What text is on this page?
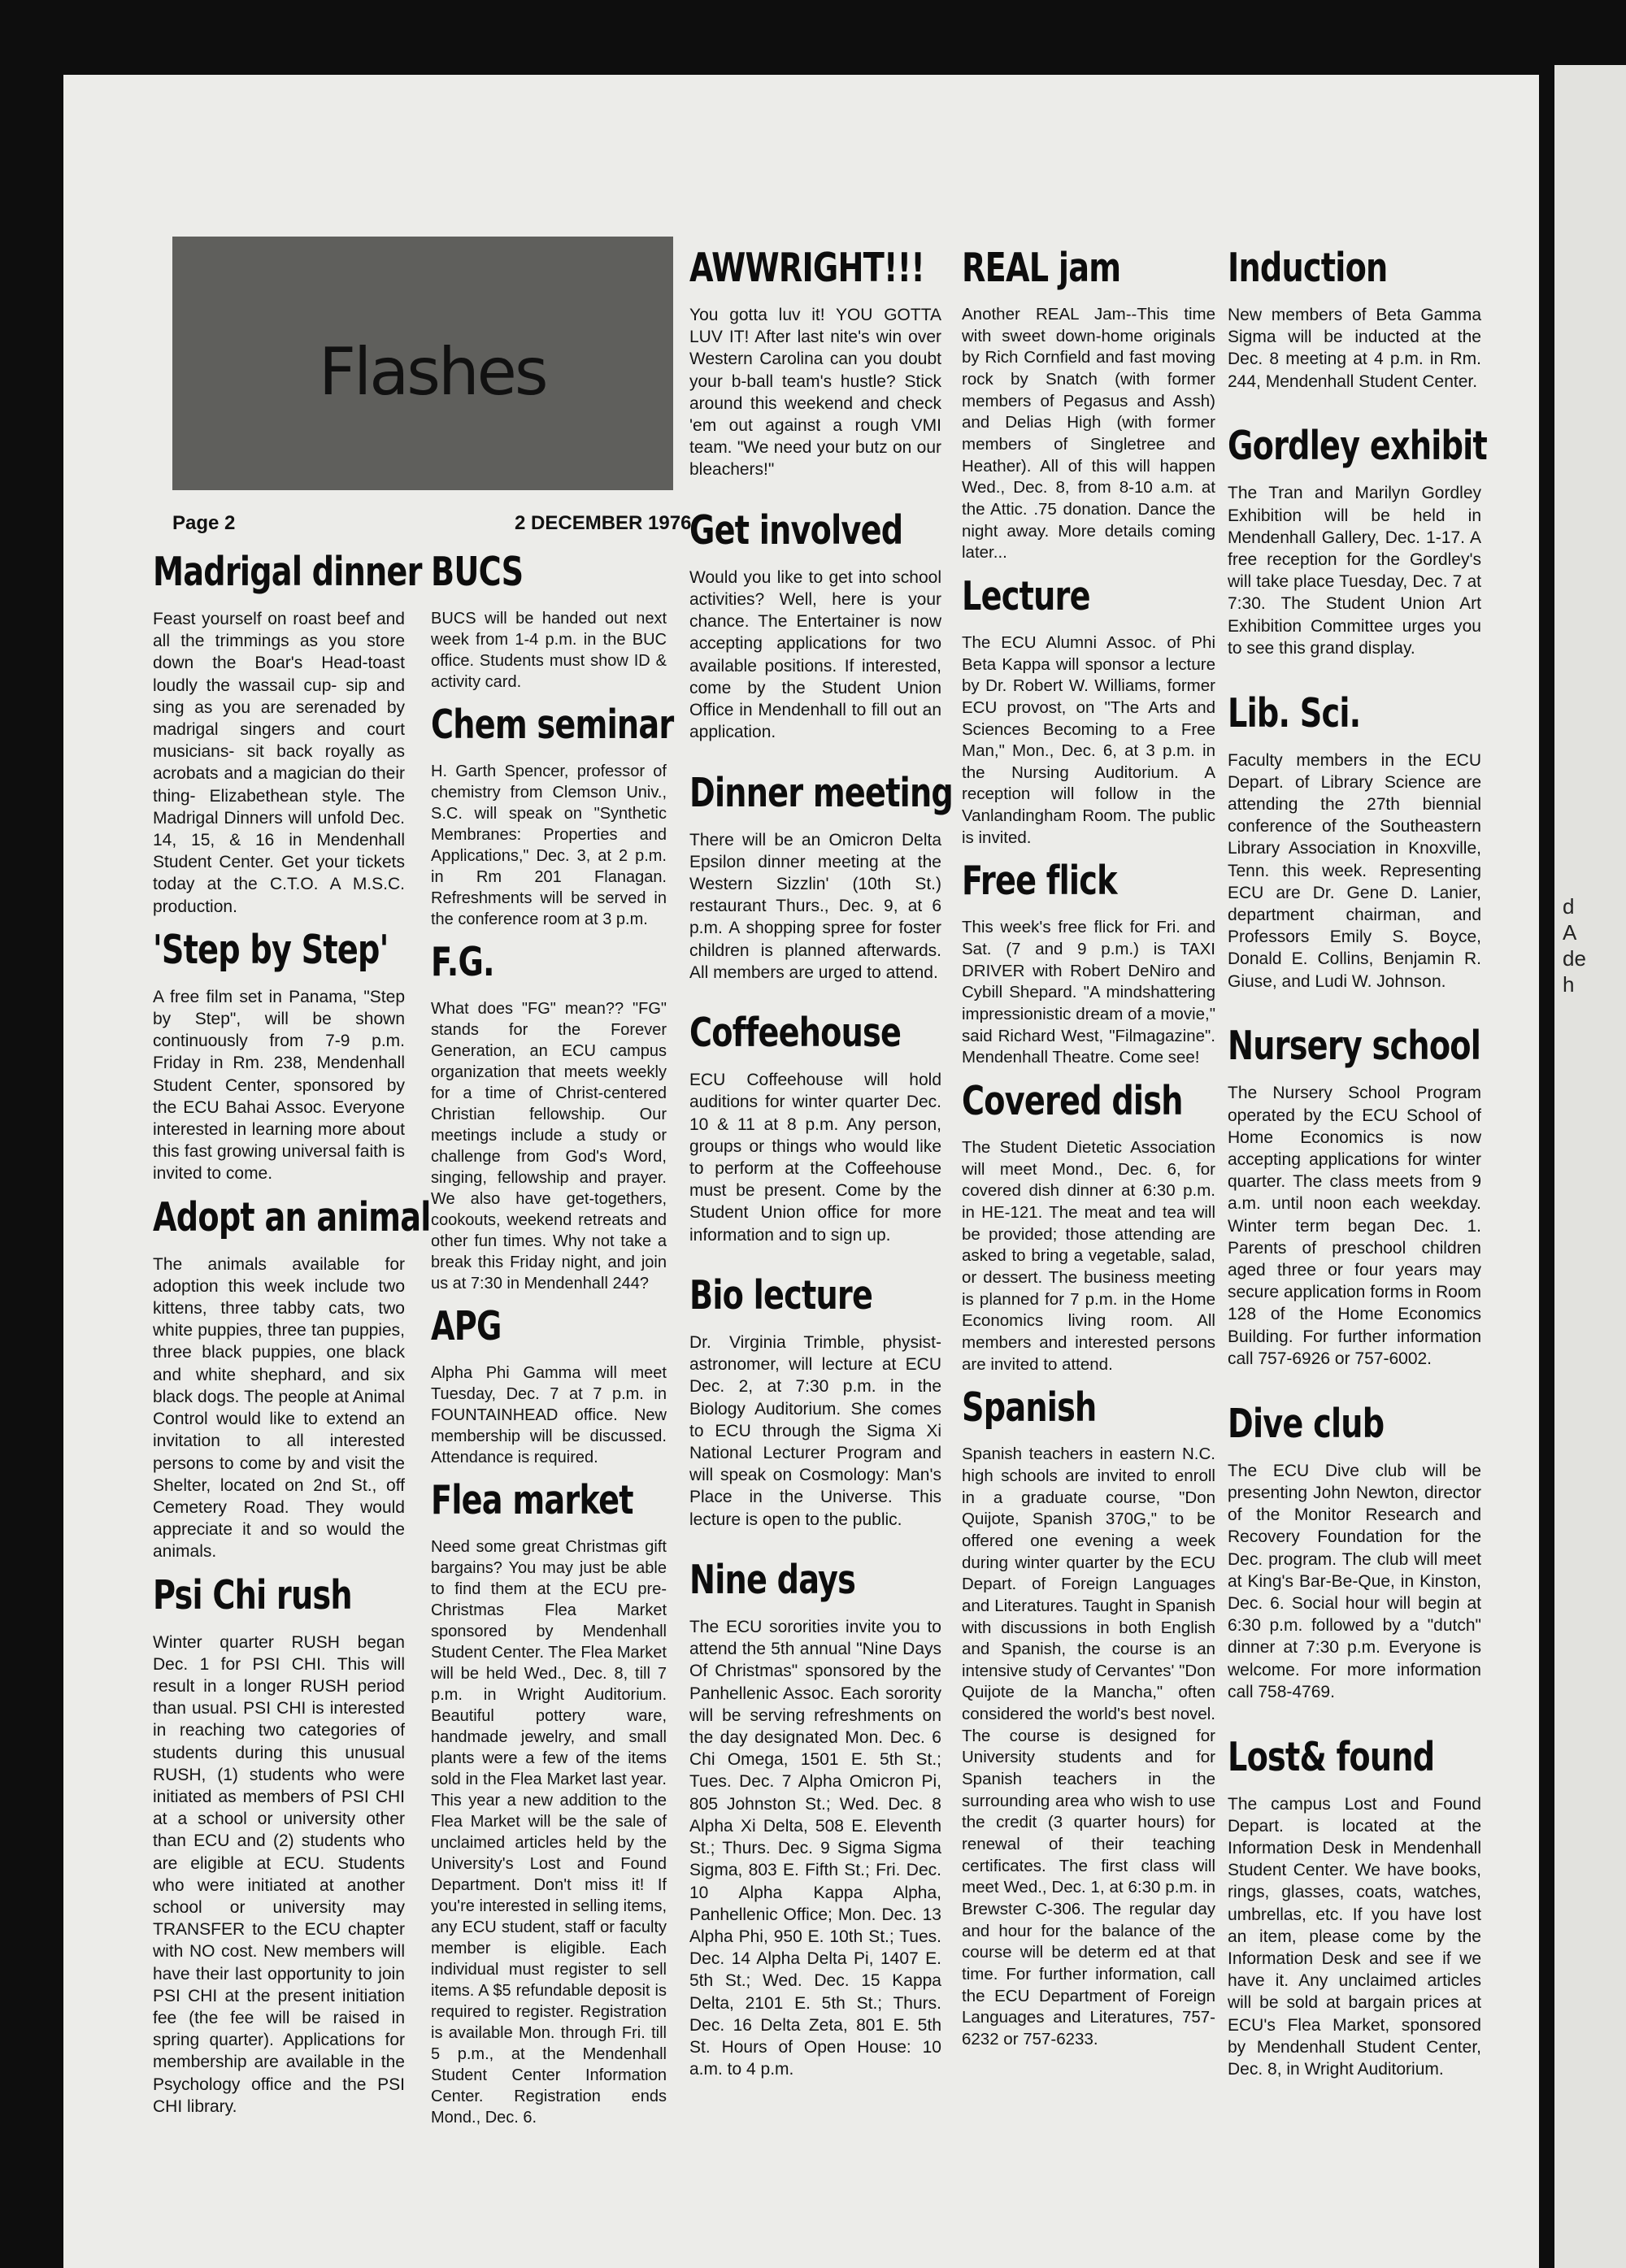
d
A
de
h
Flashes
Page 2	2 DECEMBER 1976
Madrigal dinner

Feast yourself on roast beef and all the trimmings as you store down the Boar's Head-toast loudly the wassail cup- sip and sing as you are serenaded by madrigal singers and court musicians- sit back royally as acrobats and a magician do their thing- Elizabethean style. The Madrigal Dinners will unfold Dec. 14, 15, & 16 in Mendenhall Student Center. Get your tickets today at the C.T.O. A M.S.C. production.

'Step by Step'

A free film set in Panama, "Step by Step", will be shown continuously from 7-9 p.m. Friday in Rm. 238, Mendenhall Student Center, sponsored by the ECU Bahai Assoc. Everyone interested in learning more about this fast growing universal faith is invited to come.

Adopt an animal

The animals available for adoption this week include two kittens, three tabby cats, two white puppies, three tan puppies, three black puppies, one black and white shephard, and six black dogs. The people at Animal Control would like to extend an invitation to all interested persons to come by and visit the Shelter, located on 2nd St., off Cemetery Road. They would appreciate it and so would the animals.

Psi Chi rush

Winter quarter RUSH began Dec. 1 for PSI CHI. This will result in a longer RUSH period than usual. PSI CHI is interested in reaching two categories of students during this unusual RUSH, (1) students who were initiated as members of PSI CHI at a school or university other than ECU and (2) students who are eligible at ECU. Students who were initiated at another school or university may TRANSFER to the ECU chapter with NO cost. New members will have their last opportunity to join PSI CHI at the present initiation fee (the fee will be raised in spring quarter). Applications for membership are available in the Psychology office and the PSI CHI library.

BUCS

BUCS will be handed out next week from 1-4 p.m. in the BUC office. Students must show ID & activity card.

Chem seminar

H. Garth Spencer, professor of chemistry from Clemson Univ., S.C. will speak on "Synthetic Membranes: Properties and Applications," Dec. 3, at 2 p.m. in Rm 201 Flanagan. Refreshments will be served in the conference room at 3 p.m.

F.G.

What does "FG" mean?? "FG" stands for the Forever Generation, an ECU campus organization that meets weekly for a time of Christ-centered Christian fellowship. Our meetings include a study or challenge from God's Word, singing, fellowship and prayer. We also have get-togethers, cookouts, weekend retreats and other fun times. Why not take a break this Friday night, and join us at 7:30 in Mendenhall 244?

APG

Alpha Phi Gamma will meet Tuesday, Dec. 7 at 7 p.m. in FOUNTAINHEAD office. New membership will be discussed. Attendance is required.

Flea market

Need some great Christmas gift bargains? You may just be able to find them at the ECU pre-Christmas Flea Market sponsored by Mendenhall Student Center. The Flea Market will be held Wed., Dec. 8, till 7 p.m. in Wright Auditorium. Beautiful pottery ware, handmade jewelry, and small plants were a few of the items sold in the Flea Market last year. This year a new addition to the Flea Market will be the sale of unclaimed articles held by the University's Lost and Found Department. Don't miss it! If you're interested in selling items, any ECU student, staff or faculty member is eligible. Each individual must register to sell items. A $5 refundable deposit is required to register. Registration is available Mon. through Fri. till 5 p.m., at the Mendenhall Student Center Information Center. Registration ends Mond., Dec. 6.

AWWRIGHT!!!

You gotta luv it! YOU GOTTA LUV IT! After last nite's win over Western Carolina can you doubt your b-ball team's hustle? Stick around this weekend and check 'em out against a rough VMI team. "We need your butz on our bleachers!"

Get involved

Would you like to get into school activities? Well, here is your chance. The Entertainer is now accepting applications for two available positions. If interested, come by the Student Union Office in Mendenhall to fill out an application.

Dinner meeting

There will be an Omicron Delta Epsilon dinner meeting at the Western Sizzlin' (10th St.) restaurant Thurs., Dec. 9, at 6 p.m. A shopping spree for foster children is planned afterwards. All members are urged to attend.

Coffeehouse

ECU Coffeehouse will hold auditions for winter quarter Dec. 10 & 11 at 8 p.m. Any person, groups or things who would like to perform at the Coffeehouse must be present. Come by the Student Union office for more information and to sign up.

Bio lecture

Dr. Virginia Trimble, physist-astronomer, will lecture at ECU Dec. 2, at 7:30 p.m. in the Biology Auditorium. She comes to ECU through the Sigma Xi National Lecturer Program and will speak on Cosmology: Man's Place in the Universe. This lecture is open to the public.

Nine days

The ECU sororities invite you to attend the 5th annual "Nine Days Of Christmas" sponsored by the Panhellenic Assoc. Each sorority will be serving refreshments on the day designated Mon. Dec. 6 Chi Omega, 1501 E. 5th St.; Tues. Dec. 7 Alpha Omicron Pi, 805 Johnston St.; Wed. Dec. 8 Alpha Xi Delta, 508 E. Eleventh St.; Thurs. Dec. 9 Sigma Sigma Sigma, 803 E. Fifth St.; Fri. Dec. 10 Alpha Kappa Alpha, Panhellenic Office; Mon. Dec. 13 Alpha Phi, 950 E. 10th St.; Tues. Dec. 14 Alpha Delta Pi, 1407 E. 5th St.; Wed. Dec. 15 Kappa Delta, 2101 E. 5th St.; Thurs. Dec. 16 Delta Zeta, 801 E. 5th St. Hours of Open House: 10 a.m. to 4 p.m.

REAL jam

Another REAL Jam--This time with sweet down-home originals by Rich Cornfield and fast moving rock by Snatch (with former members of Pegasus and Assh) and Delias High (with former members of Singletree and Heather). All of this will happen Wed., Dec. 8, from 8-10 a.m. at the Attic. .75 donation. Dance the night away. More details coming later...

Lecture

The ECU Alumni Assoc. of Phi Beta Kappa will sponsor a lecture by Dr. Robert W. Williams, former ECU provost, on "The Arts and Sciences Becoming to a Free Man," Mon., Dec. 6, at 3 p.m. in the Nursing Auditorium. A reception will follow in the Vanlandingham Room. The public is invited.

Free flick

This week's free flick for Fri. and Sat. (7 and 9 p.m.) is TAXI DRIVER with Robert DeNiro and Cybill Shepard. "A mindshattering impressionistic dream of a movie," said Richard West, "Filmagazine". Mendenhall Theatre. Come see!

Covered dish

The Student Dietetic Association will meet Mond., Dec. 6, for covered dish dinner at 6:30 p.m. in HE-121. The meat and tea will be provided; those attending are asked to bring a vegetable, salad, or dessert. The business meeting is planned for 7 p.m. in the Home Economics living room. All members and interested persons are invited to attend.

Spanish

Spanish teachers in eastern N.C. high schools are invited to enroll in a graduate course, "Don Quijote, Spanish 370G," to be offered one evening a week during winter quarter by the ECU Depart. of Foreign Languages and Literatures. Taught in Spanish with discussions in both English and Spanish, the course is an intensive study of Cervantes' "Don Quijote de la Mancha," often considered the world's best novel. The course is designed for University students and for Spanish teachers in the surrounding area who wish to use the credit (3 quarter hours) for renewal of their teaching certificates. The first class will meet Wed., Dec. 1, at 6:30 p.m. in Brewster C-306. The regular day and hour for the balance of the course will be determ ed at that time. For further information, call the ECU Department of Foreign Languages and Literatures, 757-6232 or 757-6233.

Induction

New members of Beta Gamma Sigma will be inducted at the Dec. 8 meeting at 4 p.m. in Rm. 244, Mendenhall Student Center.

Gordley exhibit

The Tran and Marilyn Gordley Exhibition will be held in Mendenhall Gallery, Dec. 1-17. A free reception for the Gordley's will take place Tuesday, Dec. 7 at 7:30. The Student Union Art Exhibition Committee urges you to see this grand display.

Lib. Sci.

Faculty members in the ECU Depart. of Library Science are attending the 27th biennial conference of the Southeastern Library Association in Knoxville, Tenn. this week. Representing ECU are Dr. Gene D. Lanier, department chairman, and Professors Emily S. Boyce, Donald E. Collins, Benjamin R. Giuse, and Ludi W. Johnson.

Nursery school

The Nursery School Program operated by the ECU School of Home Economics is now accepting applications for winter quarter. The class meets from 9 a.m. until noon each weekday. Winter term began Dec. 1. Parents of preschool children aged three or four years may secure application forms in Room 128 of the Home Economics Building. For further information call 757-6926 or 757-6002.

Dive club

The ECU Dive club will be presenting John Newton, director of the Monitor Research and Recovery Foundation for the Dec. program. The club will meet at King's Bar-Be-Que, in Kinston, Dec. 6. Social hour will begin at 6:30 p.m. followed by a "dutch" dinner at 7:30 p.m. Everyone is welcome. For more information call 758-4769.

Lost& found

The campus Lost and Found Depart. is located at the Information Desk in Mendenhall Student Center. We have books, rings, glasses, coats, watches, umbrellas, etc. If you have lost an item, please come by the Information Desk and see if we have it. Any unclaimed articles will be sold at bargain prices at ECU's Flea Market, sponsored by Mendenhall Student Center, Dec. 8, in Wright Auditorium.
